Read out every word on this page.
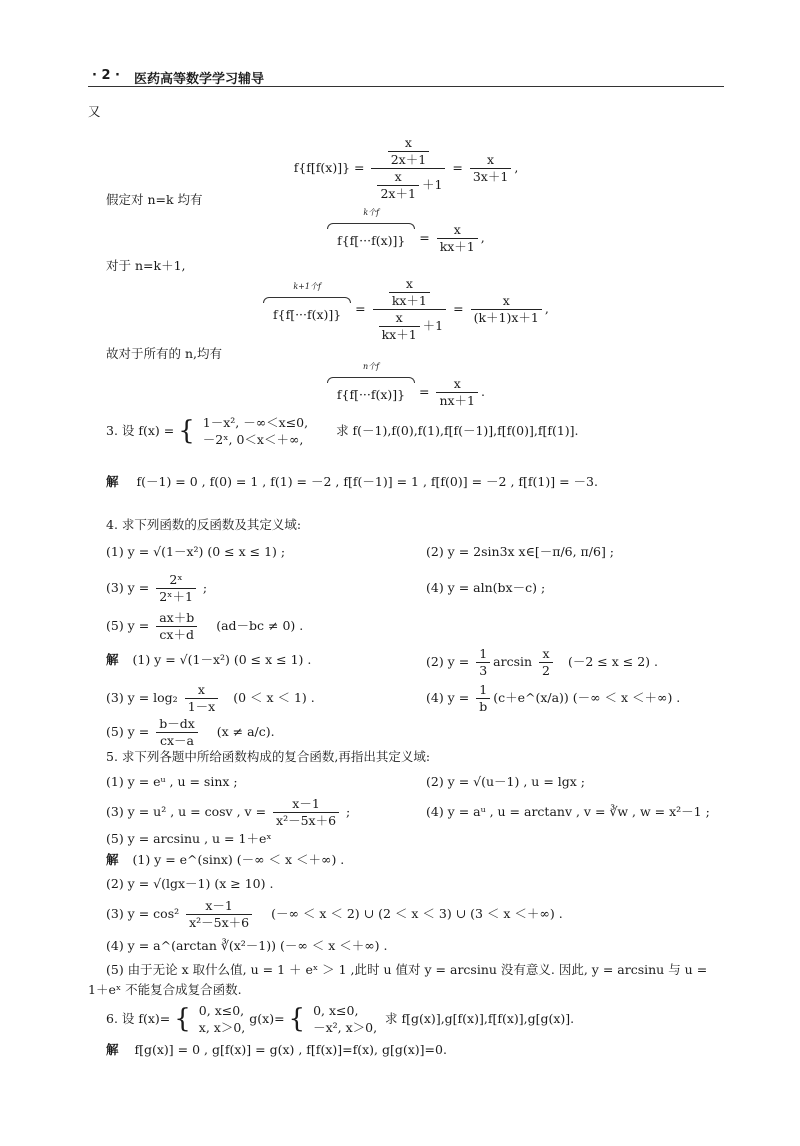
· 2 · 医药高等数学学习辅导
又
$f\{f[f(x)]\} = \frac{\frac{x}{2x+1}}{\frac{x}{2x+1} +1} = \frac{x}{3x+1}$ ,
假定对 n=k 均有
k个f

$f\{f[\cdot\cdot\cdot f(x)]\} = \frac{x}{kx+1}$ ,
对于 n=k＋1,
k+1个f

$f\{f[\cdot\cdot\cdot f(x)]\} = \frac{\frac{x}{kx+1}}{\frac{x}{kx+1} +1} = \frac{x}{(k+1)x+1}$ ,
故对于所有的 n,均有
n个f

$f\{f[\cdot\cdot\cdot f(x)]\} = \frac{x}{nx+1}$ .
3. 设 f(x) = { 1－x², －∞＜x≤0,
－2ˣ, 0＜x＜＋∞,
求 f(－1),f(0),f(1),f[f(－1)],f[f(0)],f[f(1)].
解 f(－1) = 0 , f(0) = 1 , f(1) = －2 , f[f(－1)] = 1 , f[f(0)] = －2 , f[f(1)] = －3.
4. 求下列函数的反函数及其定义域:
(1) y = √(1－x²) (0 ≤ x ≤ 1) ;	(2) y = 2sin3x x∈[－π/6, π/6] ;
(3) $y = \frac{\text{2ˣ}}{\text{2ˣ＋1}}$ ;	(4) y = aln(bx－c) ;
(5) $y = \frac{ax+b}{cx+d} (ad-bc \ne 0)$ .
解 (1) y = √(1－x²) (0 ≤ x ≤ 1) .	(2) $y = \frac{1}{3}$ $\arcsin \frac{x}{2} (-2 \le x \le 2)$ .
(3) $y = \log_2 \frac{x}{1-x} (0 < x < 1)$ .	(4) $y = \frac{1}{b}$ (c＋e^(x/a)) (－∞ ＜ x ＜＋∞) .
(5) $y = \frac{b-dx}{cx-a} (x \ne a/c)$.
5. 求下列各题中所给函数构成的复合函数,再指出其定义域:
(1) y = eᵘ , u = sinx ;	(2) y = √(u－1) , u = lgx ;
(3) y = u² , u = cosv , $v = \frac{x-1}{\text{x²－5x＋6}}$ ;	(4) y = aᵘ , u = arctanv , v = ∛w , w = x²－1 ;
(5) y = arcsinu , u = 1＋eˣ
解 (1) y = e^(sinx) (－∞ ＜ x ＜＋∞) .
(2) y = √(lgx－1) (x ≥ 10) .
(3) $y = \cos^2 \frac{x-1}{\text{x²－5x＋6}}$ (－∞ ＜ x ＜ 2) ∪ (2 ＜ x ＜ 3) ∪ (3 ＜ x ＜＋∞) .
(4) y = a^(arctan ∛(x²－1)) (－∞ ＜ x ＜＋∞) .
(5) 由于无论 x 取什么值, u = 1 ＋ eˣ ＞ 1 ,此时 u 值对 y = arcsinu 没有意义. 因此, y = arcsinu 与 u =
1＋eˣ 不能复合成复合函数.
6. 设 f(x)= { 0, x≤0,
x, x＞0,
g(x)= { 0, x≤0,
－x², x＞0,
求 f[g(x)],g[f(x)],f[f(x)],g[g(x)].
解 f[g(x)] = 0 , g[f(x)] = g(x) , f[f(x)]=f(x), g[g(x)]=0.
